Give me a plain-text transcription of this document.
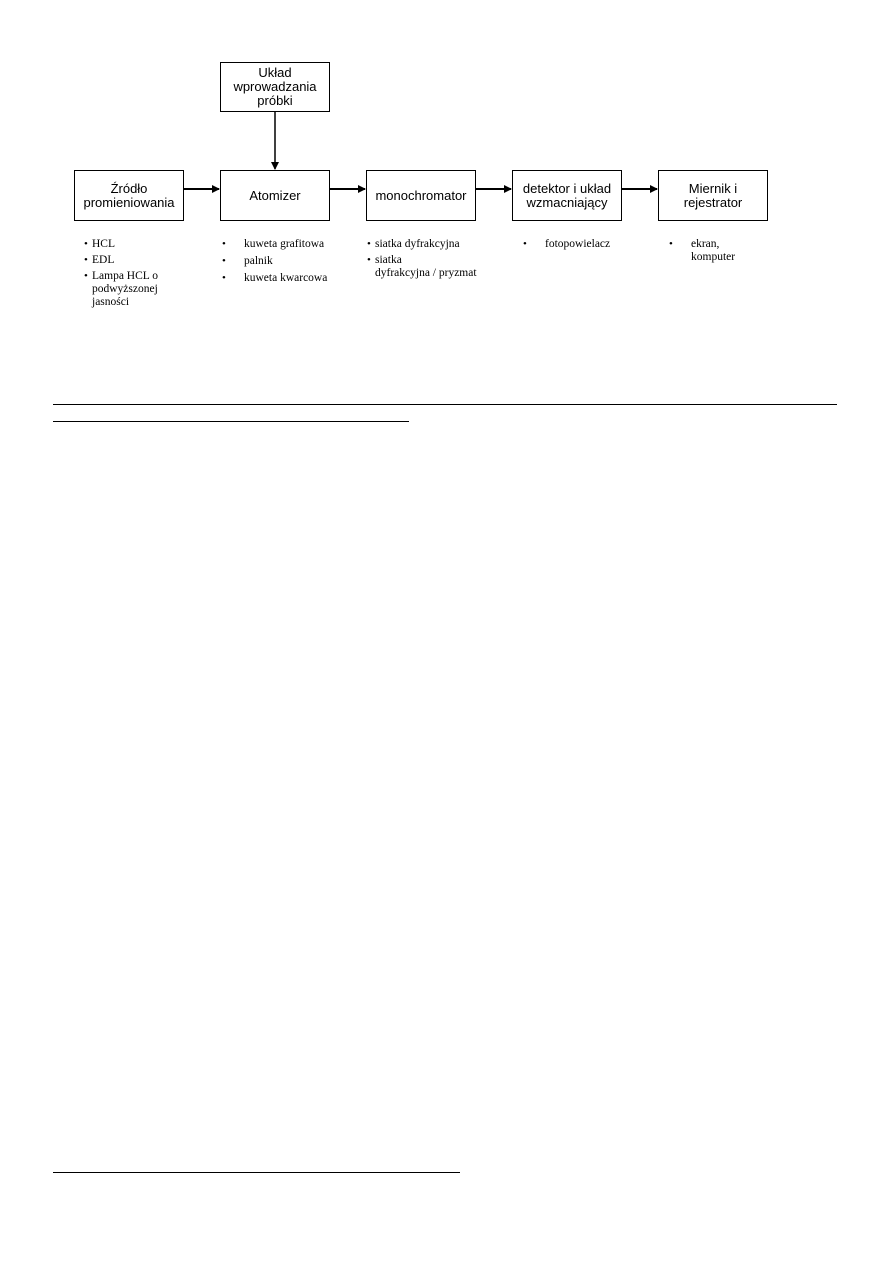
Układ
wprowadzania
próbki
Źródło
promieniowania	Atomizer	monochromator	detektor i układ
wzmacniający
Miernik i
rejestrator
• HCL
• EDL
• Lampa HCL o
podwyższonej
jasności
•	kuweta grafitowa
•	palnik
•	kuweta kwarcowa
• siatka dyfrakcyjna
• siatka
dyfrakcyjna / pryzmat
•	fotopowielacz	•	ekran,
komputer
